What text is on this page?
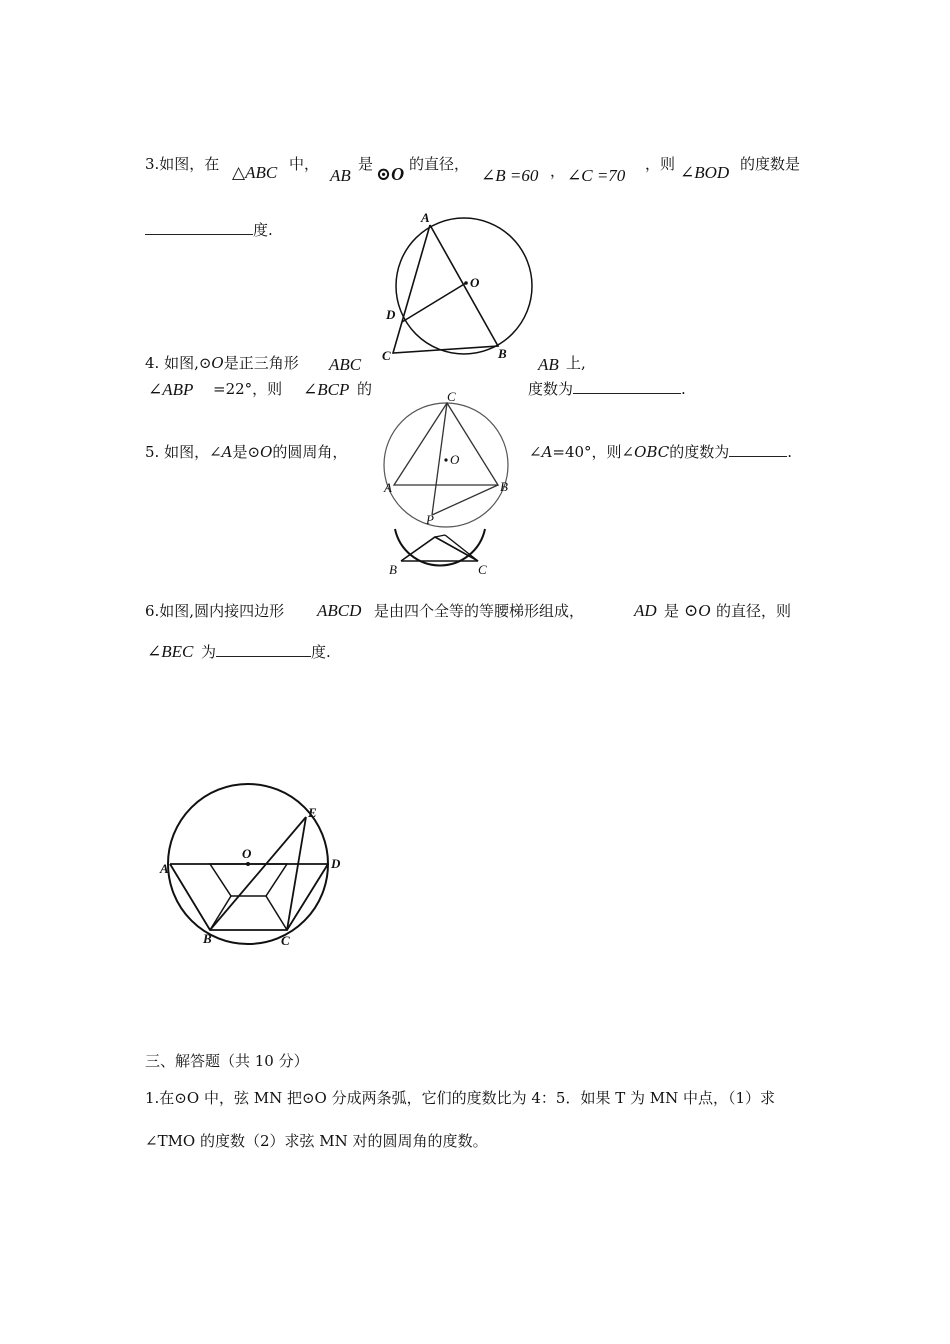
3.如图，在 △ABC 中，
AB
是 ⊙O 的直径，
∠B =60 ， ∠C =70
，则 ∠BOD 的度数是
度.
A
O
D
C	B
4. 如图,⊙O是正三角形 ABC	AB 上,
∠ABP =22°，则 ∠BCP 的	度数为	.
C
O
A	B
P
5. 如图，∠A是⊙O的圆周角，	∠A=40°，则∠OBC的度数为	.
B	C
6.如图,圆内接四边形 ABCD 是由四个全等的等腰梯形组成，	AD 是 ⊙O 的直径，则
∠BEC 为	度.
E
O
A	D
B	C
三、解答题（共 10 分）
1.在⊙O 中，弦 MN 把⊙O 分成两条弧，它们的度数比为 4：5．如果 T 为 MN 中点，（1）求
∠TMO 的度数（2）求弦 MN 对的圆周角的度数。
